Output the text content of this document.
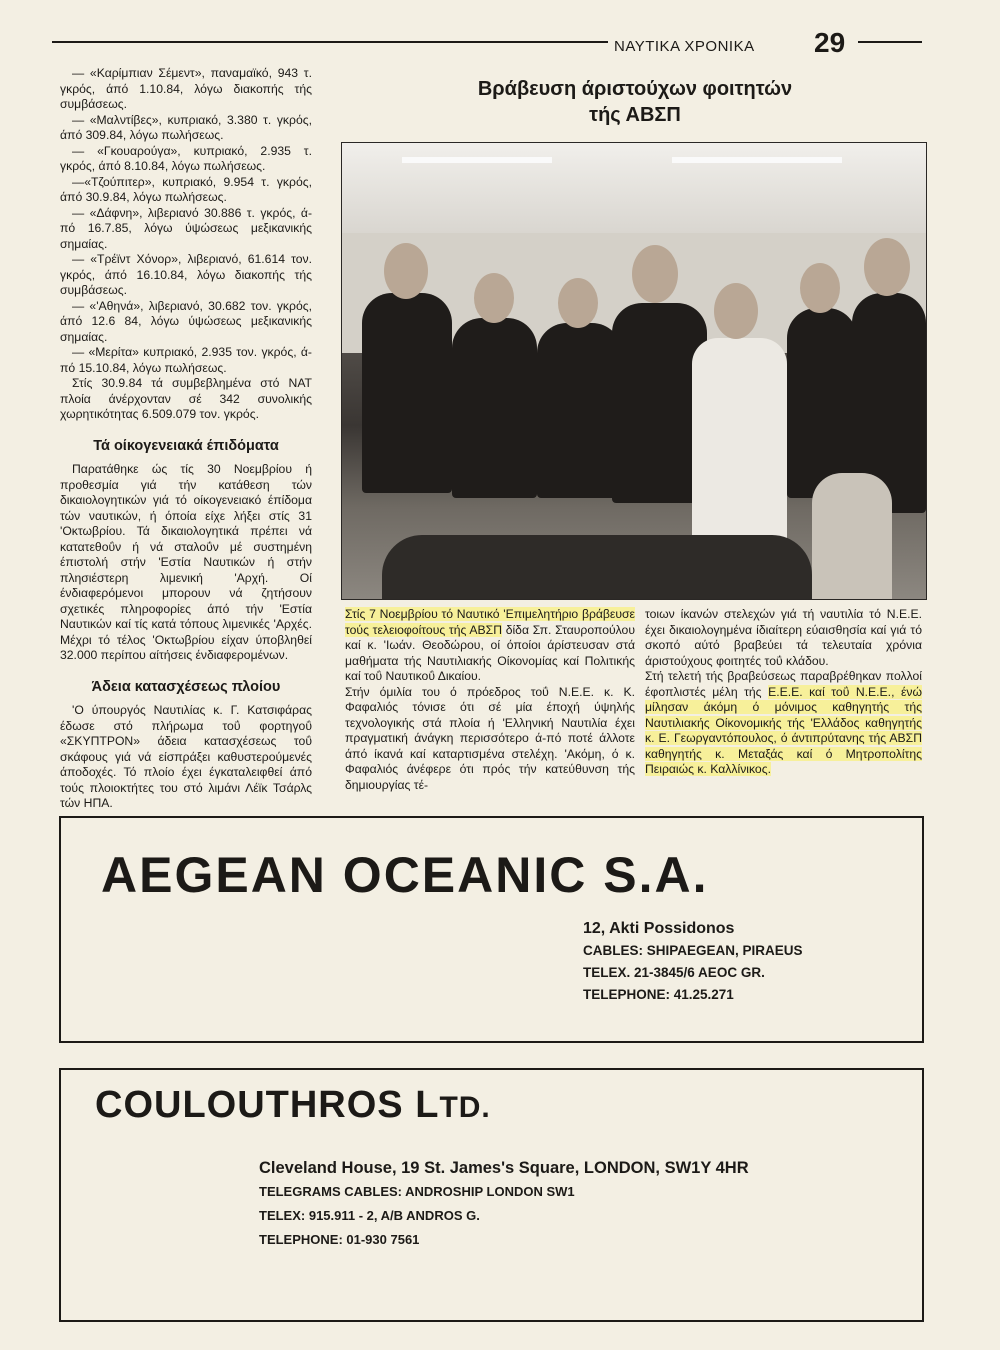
ΝΑΥΤΙΚΑ ΧΡΟΝΙΚΑ 29

— «Καρίμπιαν Σέμεντ», παναμαϊκό, 943 τ. γκρός, άπό 1.10.84, λόγω διακοπής τής συμβάσεως.

— «Μαλντίβες», κυπριακό, 3.380 τ. γκρός, άπό 309.84, λόγω πωλήσεως.

— «Γκουαρούγα», κυπριακό, 2.935 τ. γκρός, άπό 8.10.84, λόγω πωλήσεως.

—«Τζούπιτερ», κυπριακό, 9.954 τ. γκρός, άπό 30.9.84, λόγω πωλήσεως.

— «Δάφνη», λιβεριανό 30.886 τ. γκρός, ά-πό 16.7.85, λόγω ύψώσεως μεξικανικής σημαίας.

— «Τρέϊντ Χόνορ», λιβεριανό, 61.614 τον. γκρός, άπό 16.10.84, λόγω διακοπής τής συμβάσεως.

— «'Αθηνά», λιβεριανό, 30.682 τον. γκρός, άπό 12.6 84, λόγω ύψώσεως μεξικανικής σημαίας.

— «Μερίτα» κυπριακό, 2.935 τον. γκρός, ά-πό 15.10.84, λόγω πωλήσεως.

Στίς 30.9.84 τά συμβεβλημένα στό ΝΑΤ πλοία άνέρχονταν σέ 342 συνολικής χωρητικότητας 6.509.079 τον. γκρός.

Τά οίκογενειακά έπιδόματα

Παρατάθηκε ώς τίς 30 Νοεμβρίου ή προθεσμία γιά τήν κατάθεση τών δικαιολογητικών γιά τό οίκογενειακό έπίδομα τών ναυτικών, ή όποία είχε λήξει στίς 31 'Οκτωβρίου. Τά δικαιολογητικά πρέπει νά κατατεθοΰν ή νά σταλοΰν μέ συστημένη έπιστολή στήν 'Εστία Ναυτικών ή στήν πλησιέστερη λιμενική 'Αρχή. Οί ένδιαφερόμενοι μπορουν νά ζητήσουν σχετικές πληροφορίες άπό τήν 'Εστία Ναυτικών καί τίς κατά τόπους λιμενικές 'Αρχές. Μέχρι τό τέλος 'Οκτωβρίου είχαν ύποβληθεί 32.000 περίπου αίτήσεις ένδιαφερομένων.

Άδεια κατασχέσεως πλοίου

'Ο ύπουργός Ναυτιλίας κ. Γ. Κατσιφάρας έδωσε στό πλήρωμα τοΰ φορτηγοΰ «ΣΚΥΠΤΡΟΝ» άδεια κατασχέσεως τοΰ σκάφους γιά νά είσπράξει καθυστερούμενές άποδοχές. Τό πλοίο έχει έγκαταλειφθεί άπό τούς πλοιοκτήτες του στό λιμάνι Λέϊκ Τσάρλς τών ΗΠΑ.

Βράβευση άριστούχων φοιτητών
τής ΑΒΣΠ

Στίς 7 Νοεμβρίου τό Ναυτικό 'Επιμελητήριο βράβευσε τούς τελειοφοίτους τής ΑΒΣΠ δίδα Σπ. Σταυροπούλου καί κ. 'Ιωάν. Θεοδώρου, οί όποίοι άρίστευσαν στά μαθήματα τής Ναυτιλιακής Οίκονομίας καί Πολιτικής καί τοΰ Ναυτικοΰ Δικαίου.

Στήν όμιλία του ό πρόεδρος τοΰ Ν.Ε.Ε. κ. Κ. Φαφαλιός τόνισε ότι σέ μία έποχή ύψηλής τεχνολογικής στά πλοία ή 'Ελληνική Ναυτιλία έχει πραγματική άνάγκη περισσότερο ά-πό ποτέ άλλοτε άπό ίκανά καί καταρτισμένα στελέχη. 'Ακόμη, ό κ. Φαφαλιός άνέφερε ότι πρός τήν κατεύθυνση τής δημιουργίας τέ-

τοιων ίκανών στελεχών γιά τή ναυτιλία τό Ν.Ε.Ε. έχει δικαιολογημένα ίδιαίτερη εύαισθησία καί γιά τό σκοπό αύτό βραβεύει τά τελευταία χρόνια άριστούχους φοιτητές τοΰ κλάδου.

Στή τελετή τής βραβεύσεως παραβρέθηκαν πολλοί έφοπλιστές μέλη τής Ε.Ε.Ε. καί τοΰ Ν.Ε.Ε., ένώ μίλησαν άκόμη ό μόνιμος καθηγητής τής Ναυτιλιακής Οίκονομικής τής 'Ελλάδος καθηγητής κ. Ε. Γεωργαντόπουλος, ό άντιπρύτανης τής ΑΒΣΠ καθηγητής κ. Μεταξάς καί ό Μητροπολίτης Πειραιώς κ. Καλλίνικος.

AEGEAN OCEANIC S.A.
12, Akti Possidonos
CABLES: SHIPAEGEAN, PIRAEUS
TELEX. 21-3845/6 AEOC GR.
TELEPHONE: 41.25.271
COULOUTHROS LTD.
Cleveland House, 19 St. James's Square, LONDON, SW1Y 4HR
TELEGRAMS CABLES: ANDROSHIP LONDON SW1
TELEX: 915.911 - 2, A/B ANDROS G.
TELEPHONE: 01-930 7561
